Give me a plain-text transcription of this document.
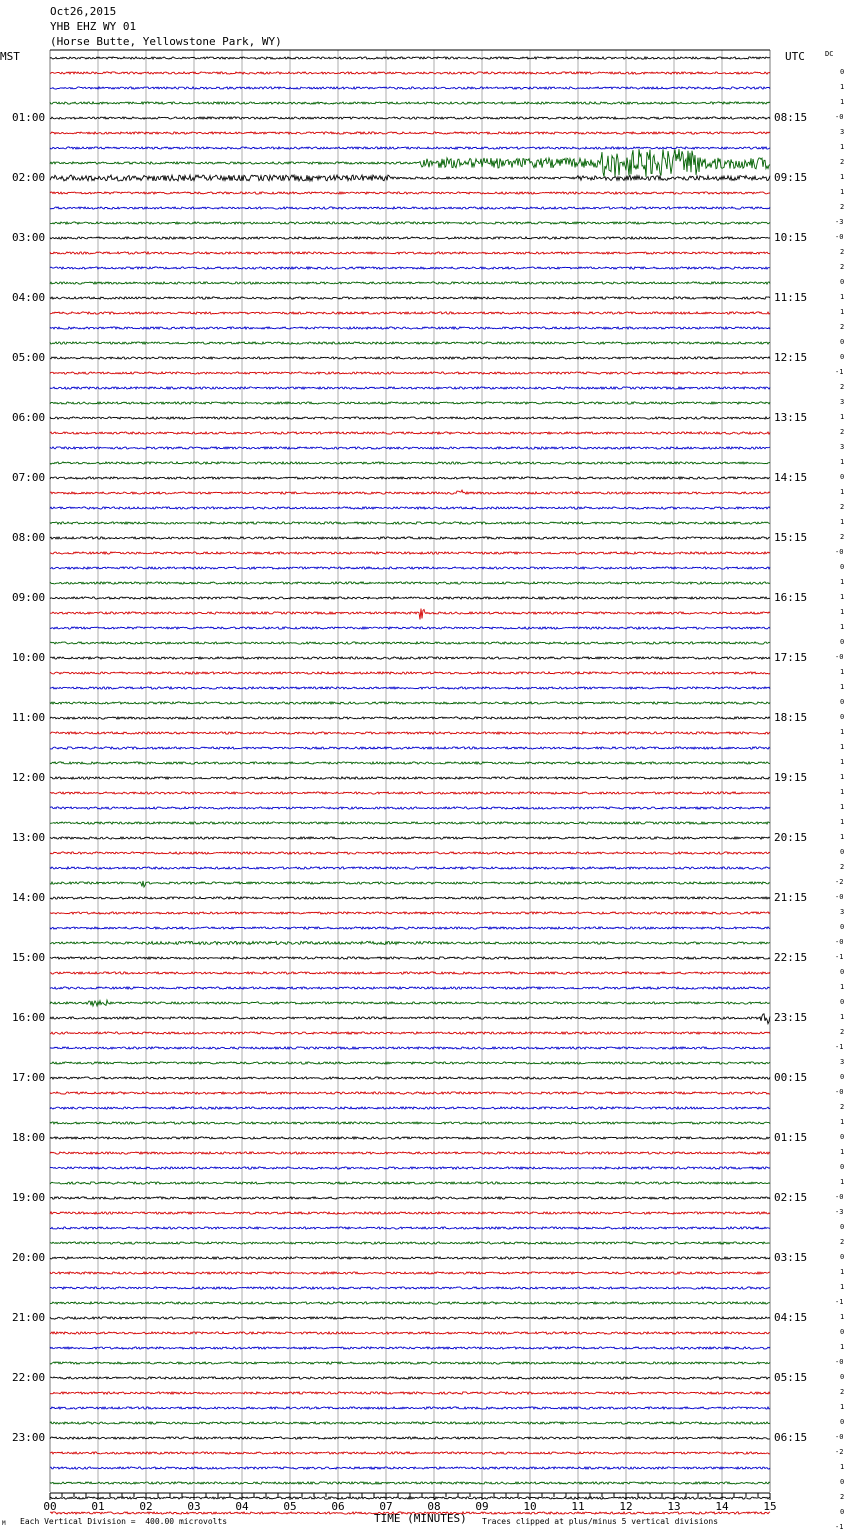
Oct26,2015
YHB EHZ WY 01
(Horse Butte, Yellowstone Park, WY)
MST	UTC	DC
00	01	02	03	04	05	06	07	08	09	10	11	12	13	14	15
01:00
02:00
03:00
04:00
05:00
06:00
07:00
08:00
09:00
10:00
11:00
12:00
13:00
14:00
15:00
16:00
17:00
18:00
19:00
20:00
21:00
22:00
23:00
08:15
09:15
10:15
11:15
12:15
13:15
14:15
15:15
16:15
17:15
18:15
19:15
20:15
21:15
22:15
23:15
00:15
01:15
02:15
03:15
04:15
05:15
06:15
0
1
1
-0
3
1
2
1
1
2
-3
-0
2
2
0
1
1
2
0
0
-1
2
3
1
2
3
1
0
1
2
1
2
-0
0
1
1
1
1
0
-0
1
1
0
0
1
1
1
1
1
1
1
1
0
2
-2
-0
3
0
-0
-1
0
1
0
1
2
-1
3
0
-0
2
1
0
1
0
1
-0
-3
0
2
0
1
1
-1
1
0
1
-0
0
2
1
0
-0
-2
1
0
2
0
-1
TIME (MINUTES)
Each Vertical Division =  400.00 microvolts	Traces clipped at plus/minus 5 vertical divisions
M
